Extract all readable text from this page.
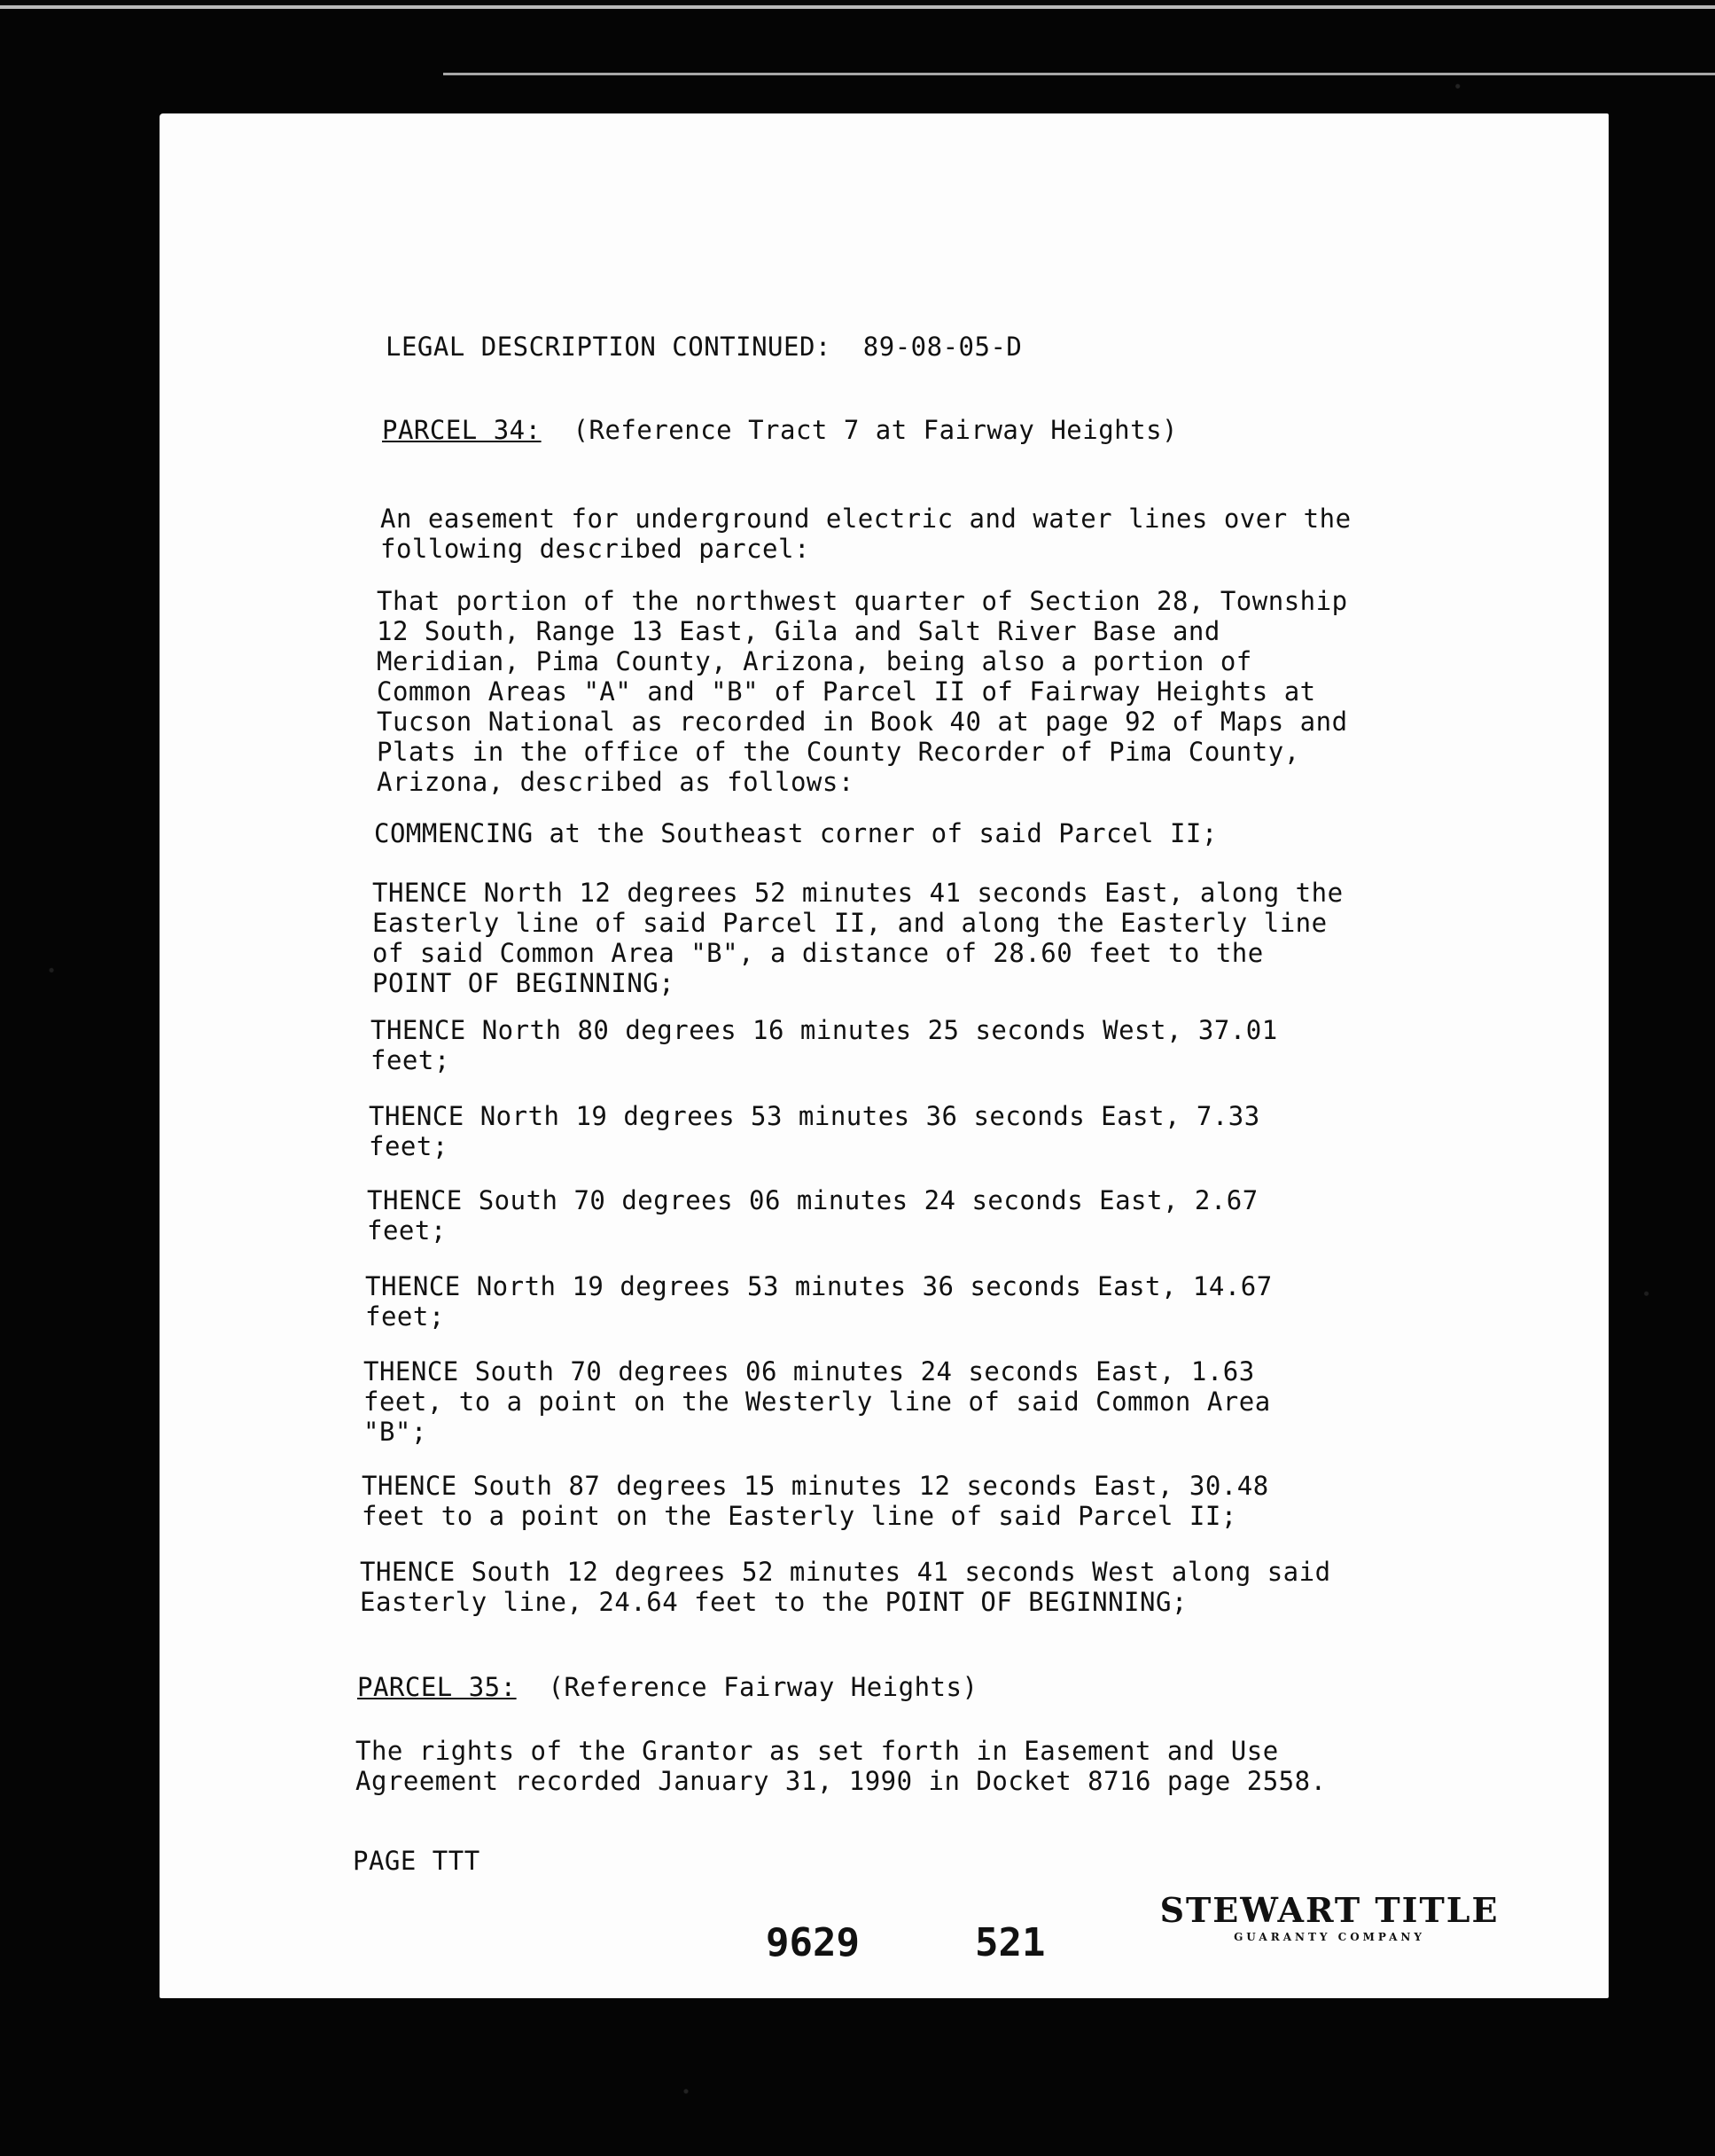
LEGAL DESCRIPTION CONTINUED:  89-08-05-D
PARCEL 34: (Reference Tract 7 at Fairway Heights)
An easement for underground electric and water lines over the
following described parcel:
That portion of the northwest quarter of Section 28, Township
12 South, Range 13 East, Gila and Salt River Base and
Meridian, Pima County, Arizona, being also a portion of
Common Areas "A" and "B" of Parcel II of Fairway Heights at
Tucson National as recorded in Book 40 at page 92 of Maps and
Plats in the office of the County Recorder of Pima County,
Arizona, described as follows:
COMMENCING at the Southeast corner of said Parcel II;
THENCE North 12 degrees 52 minutes 41 seconds East, along the
Easterly line of said Parcel II, and along the Easterly line
of said Common Area "B", a distance of 28.60 feet to the
POINT OF BEGINNING;
THENCE North 80 degrees 16 minutes 25 seconds West, 37.01
feet;
THENCE North 19 degrees 53 minutes 36 seconds East, 7.33
feet;
THENCE South 70 degrees 06 minutes 24 seconds East, 2.67
feet;
THENCE North 19 degrees 53 minutes 36 seconds East, 14.67
feet;
THENCE South 70 degrees 06 minutes 24 seconds East, 1.63
feet, to a point on the Westerly line of said Common Area
"B";
THENCE South 87 degrees 15 minutes 12 seconds East, 30.48
feet to a point on the Easterly line of said Parcel II;
THENCE South 12 degrees 52 minutes 41 seconds West along said
Easterly line, 24.64 feet to the POINT OF BEGINNING;
PARCEL 35: (Reference Fairway Heights)
The rights of the Grantor as set forth in Easement and Use
Agreement recorded January 31, 1990 in Docket 8716 page 2558.
PAGE TTT
9629	521
STEWART TITLE
GUARANTY COMPANY
